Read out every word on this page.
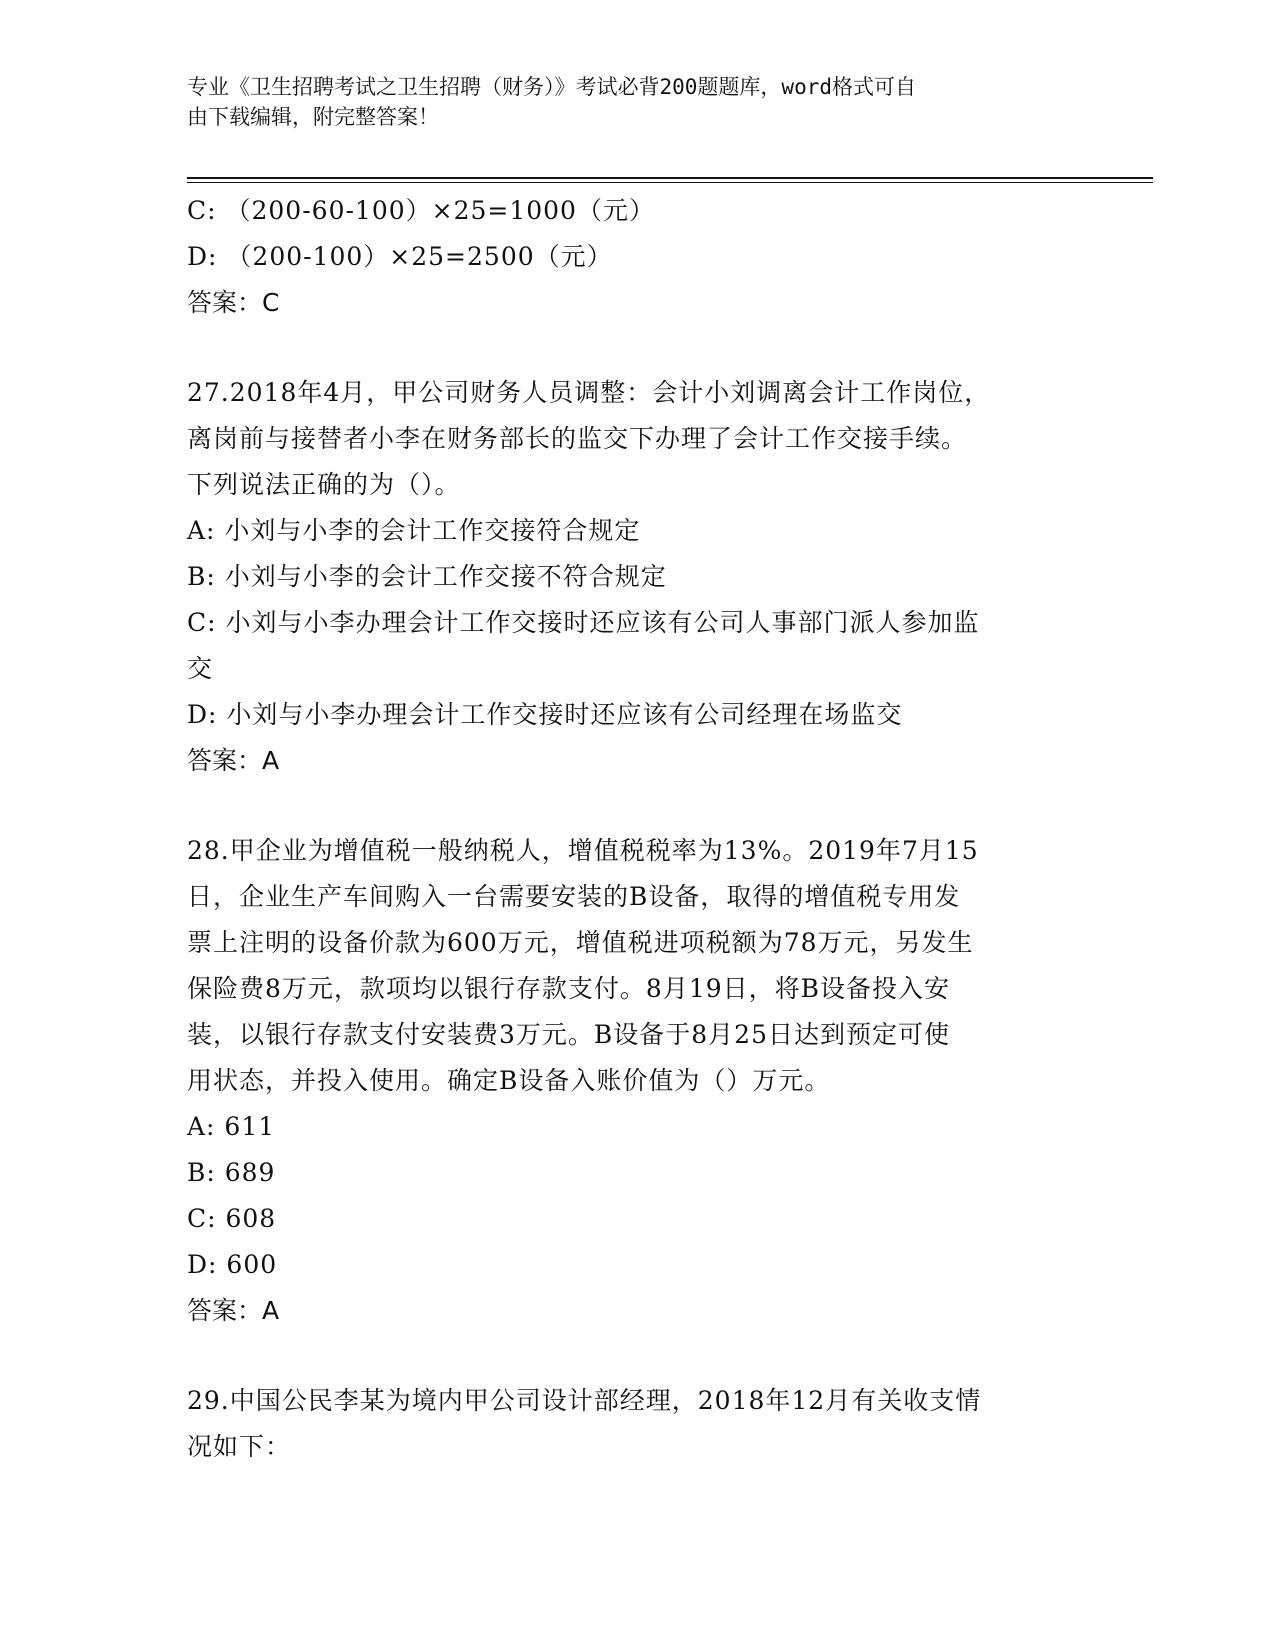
专业《卫生招聘考试之卫生招聘（财务）》考试必背200题题库，word格式可自
由下载编辑，附完整答案！
C: （200-60-100）×25=1000（元）
D: （200-100）×25=2500（元）
答案：C
27.2018年4月，甲公司财务人员调整：会计小刘调离会计工作岗位，
离岗前与接替者小李在财务部长的监交下办理了会计工作交接手续。
下列说法正确的为（）。
A: 小刘与小李的会计工作交接符合规定
B: 小刘与小李的会计工作交接不符合规定
C: 小刘与小李办理会计工作交接时还应该有公司人事部门派人参加监
交
D: 小刘与小李办理会计工作交接时还应该有公司经理在场监交
答案：A
28.甲企业为增值税一般纳税人，增值税税率为13%。2019年7月15
日，企业生产车间购入一台需要安装的B设备，取得的增值税专用发
票上注明的设备价款为600万元，增值税进项税额为78万元，另发生
保险费8万元，款项均以银行存款支付。8月19日，将B设备投入安
装，以银行存款支付安装费3万元。B设备于8月25日达到预定可使
用状态，并投入使用。确定B设备入账价值为（）万元。
A: 611
B: 689
C: 608
D: 600
答案：A
29.中国公民李某为境内甲公司设计部经理，2018年12月有关收支情
况如下：
